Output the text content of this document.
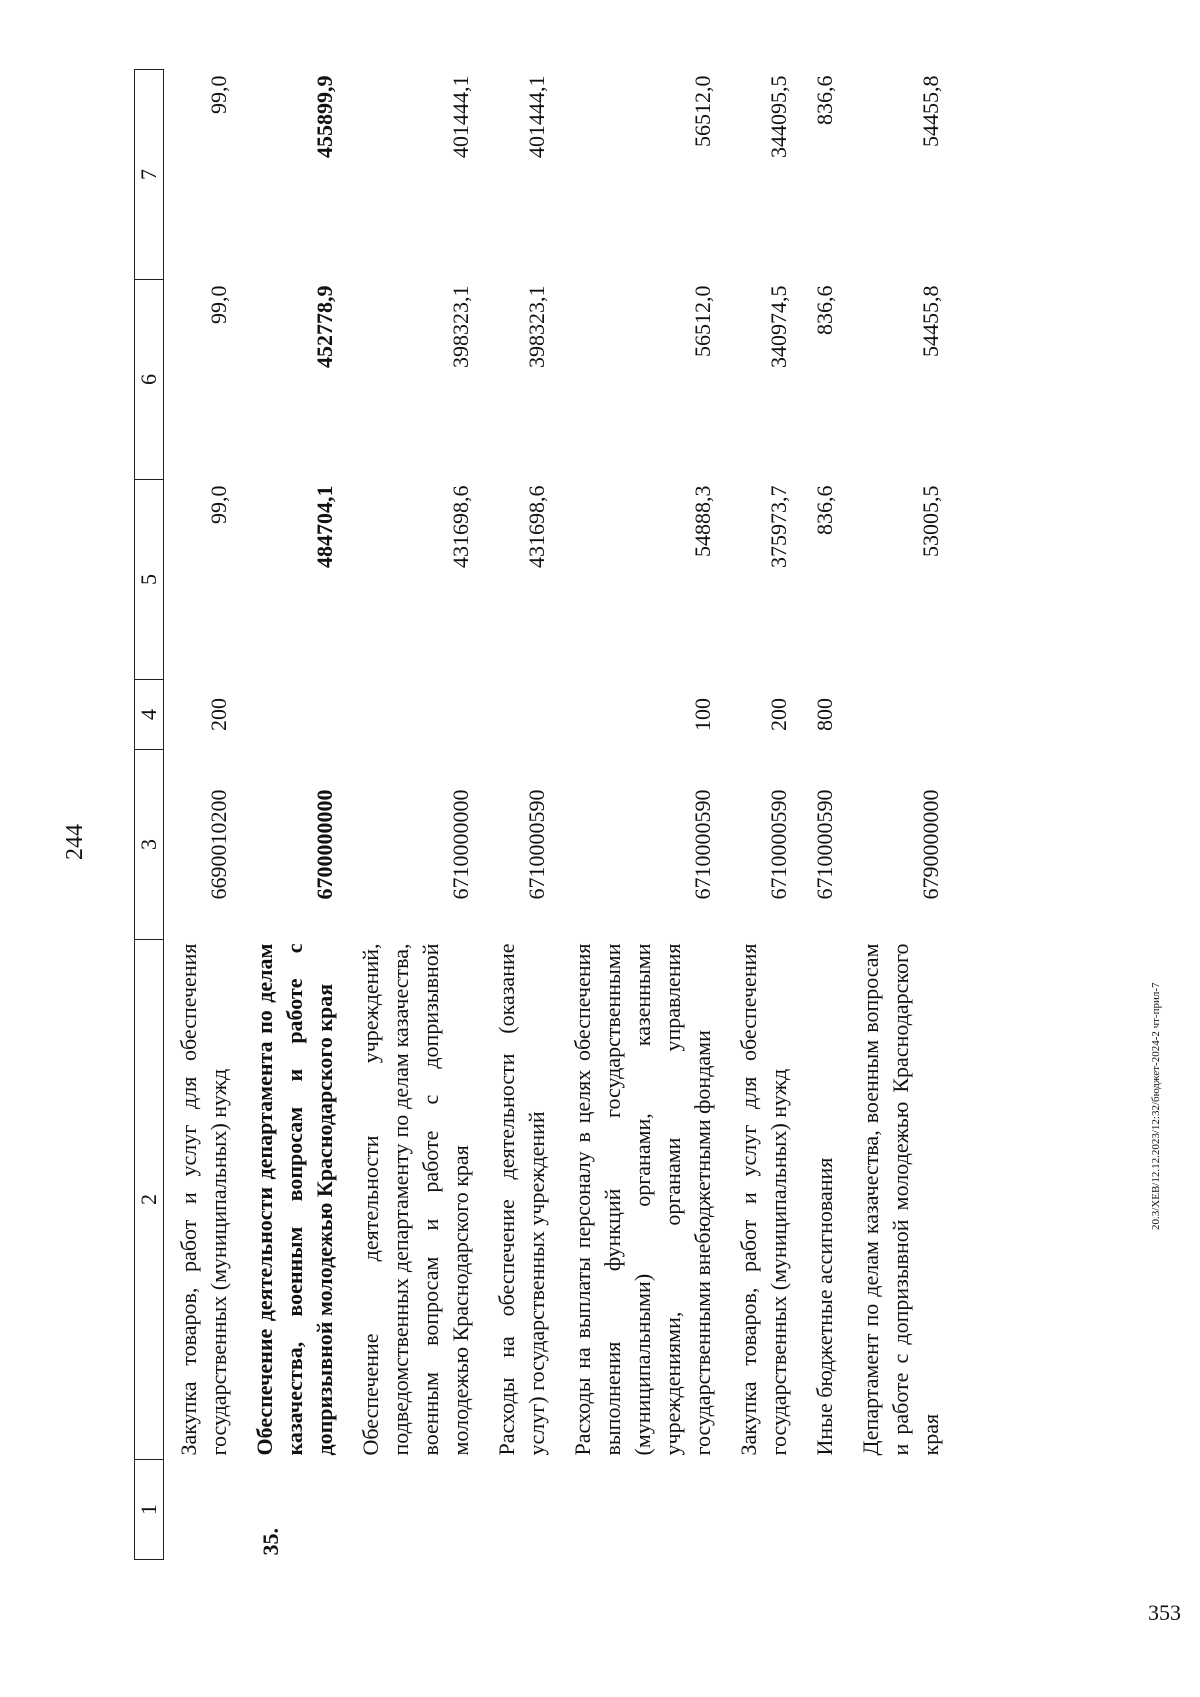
244
1	2	3	4	5	6	7
	Закупка товаров, работ и услуг для обеспечения государственных (муниципальных) нужд	6690010200	200	99,0	99,0	99,0
35.	Обеспечение деятельности департамента по делам казачества, военным вопросам и работе с допризывной молодежью Краснодарского края	6700000000		484704,1	452778,9	455899,9
	Обеспечение деятельности учреждений, подведомственных департаменту по делам казачества, военным вопросам и работе с допризывной молодежью Краснодарского края	6710000000		431698,6	398323,1	401444,1
	Расходы на обеспечение деятельности (оказание услуг) государственных учреждений	6710000590		431698,6	398323,1	401444,1
	Расходы на выплаты персоналу в целях обеспечения выполнения функций государственными (муниципальными) органами, казенными учреждениями, органами управления государственными внебюджетными фондами	6710000590	100	54888,3	56512,0	56512,0
	Закупка товаров, работ и услуг для обеспечения государственных (муниципальных) нужд	6710000590	200	375973,7	340974,5	344095,5
	Иные бюджетные ассигнования	6710000590	800	836,6	836,6	836,6
	Департамент по делам казачества, военным вопросам и работе с допризывной молодежью Краснодарского края	6790000000		53005,5	54455,8	54455,8
20.3/XEB/12.12.2023/12:32/бюджет-2024-2 чт-прил-7
353
